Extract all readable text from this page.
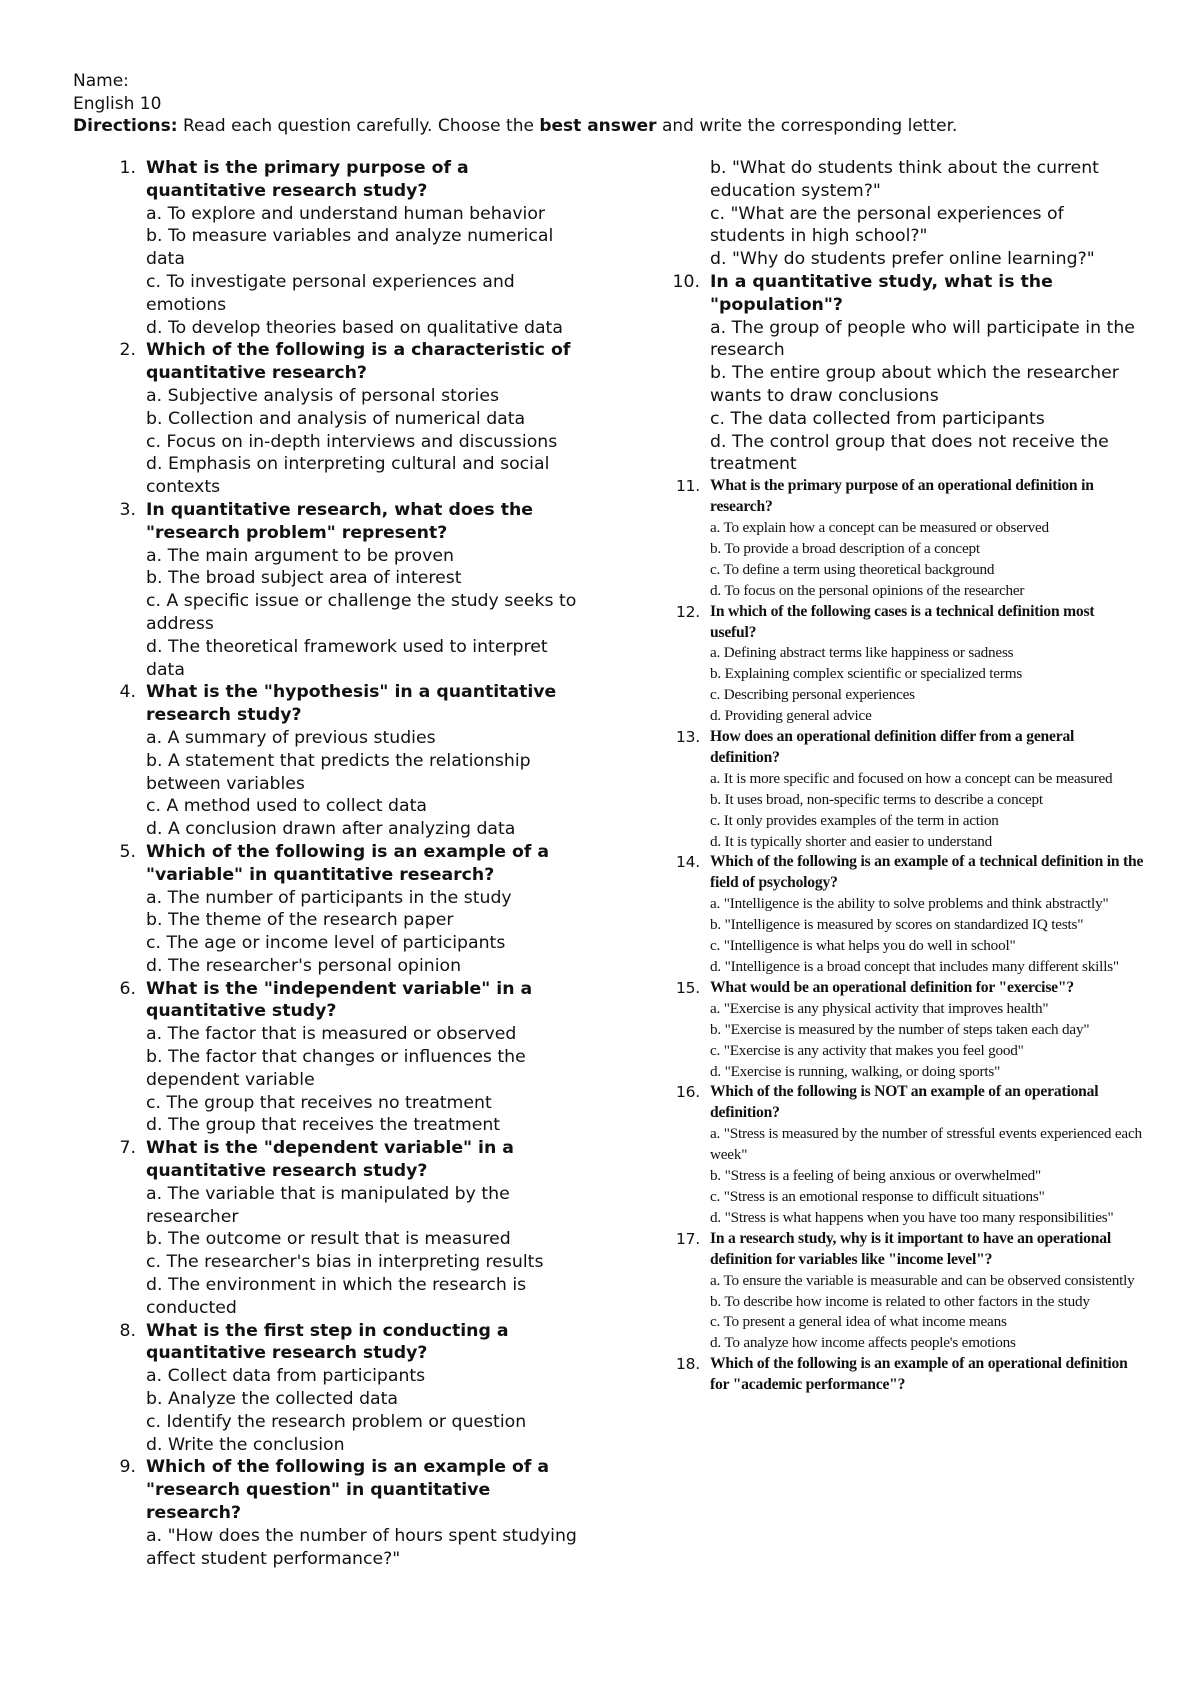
Name:
English 10
Directions: Read each question carefully. Choose the best answer and write the corresponding letter.
1. What is the primary purpose of a quantitative research study?
a. To explore and understand human behavior
b. To measure variables and analyze numerical data
c. To investigate personal experiences and emotions
d. To develop theories based on qualitative data
2. Which of the following is a characteristic of quantitative research?
a. Subjective analysis of personal stories
b. Collection and analysis of numerical data
c. Focus on in-depth interviews and discussions
d. Emphasis on interpreting cultural and social contexts
3. In quantitative research, what does the "research problem" represent?
a. The main argument to be proven
b. The broad subject area of interest
c. A specific issue or challenge the study seeks to address
d. The theoretical framework used to interpret data
4. What is the "hypothesis" in a quantitative research study?
a. A summary of previous studies
b. A statement that predicts the relationship between variables
c. A method used to collect data
d. A conclusion drawn after analyzing data
5. Which of the following is an example of a "variable" in quantitative research?
a. The number of participants in the study
b. The theme of the research paper
c. The age or income level of participants
d. The researcher's personal opinion
6. What is the "independent variable" in a quantitative study?
a. The factor that is measured or observed
b. The factor that changes or influences the dependent variable
c. The group that receives no treatment
d. The group that receives the treatment
7. What is the "dependent variable" in a quantitative research study?
a. The variable that is manipulated by the researcher
b. The outcome or result that is measured
c. The researcher's bias in interpreting results
d. The environment in which the research is conducted
8. What is the first step in conducting a quantitative research study?
a. Collect data from participants
b. Analyze the collected data
c. Identify the research problem or question
d. Write the conclusion
9. Which of the following is an example of a "research question" in quantitative research?
a. "How does the number of hours spent studying affect student performance?"
b. "What do students think about the current education system?"
c. "What are the personal experiences of students in high school?"
d. "Why do students prefer online learning?"
10. In a quantitative study, what is the "population"?
a. The group of people who will participate in the research
b. The entire group about which the researcher wants to draw conclusions
c. The data collected from participants
d. The control group that does not receive the treatment
11. What is the primary purpose of an operational definition in research?
a. To explain how a concept can be measured or observed
b. To provide a broad description of a concept
c. To define a term using theoretical background
d. To focus on the personal opinions of the researcher
12. In which of the following cases is a technical definition most useful?
a. Defining abstract terms like happiness or sadness
b. Explaining complex scientific or specialized terms
c. Describing personal experiences
d. Providing general advice
13. How does an operational definition differ from a general definition?
a. It is more specific and focused on how a concept can be measured
b. It uses broad, non-specific terms to describe a concept
c. It only provides examples of the term in action
d. It is typically shorter and easier to understand
14. Which of the following is an example of a technical definition in the field of psychology?
a. "Intelligence is the ability to solve problems and think abstractly"
b. "Intelligence is measured by scores on standardized IQ tests"
c. "Intelligence is what helps you do well in school"
d. "Intelligence is a broad concept that includes many different skills"
15. What would be an operational definition for "exercise"?
a. "Exercise is any physical activity that improves health"
b. "Exercise is measured by the number of steps taken each day"
c. "Exercise is any activity that makes you feel good"
d. "Exercise is running, walking, or doing sports"
16. Which of the following is NOT an example of an operational definition?
a. "Stress is measured by the number of stressful events experienced each week"
b. "Stress is a feeling of being anxious or overwhelmed"
c. "Stress is an emotional response to difficult situations"
d. "Stress is what happens when you have too many responsibilities"
17. In a research study, why is it important to have an operational definition for variables like "income level"?
a. To ensure the variable is measurable and can be observed consistently
b. To describe how income is related to other factors in the study
c. To present a general idea of what income means
d. To analyze how income affects people's emotions
18. Which of the following is an example of an operational definition for "academic performance"?
